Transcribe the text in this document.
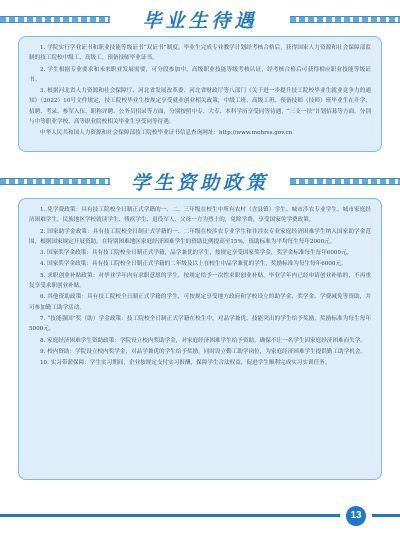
毕业生待遇

1. 学院实行学业证书和职业技能等级证书“双证书”制度，毕业生完成专业教学计划经考核合格后，获得国家人力资源和社会保障部监制的技工院校中级工、高级工、预备技师毕业证书。

2. 学生根据专业要求和未来职业发展需要，可分段参加中、高级职业技能等级考核认证，经考核合格后可获得相应职业技能等级证书。

3. 根据河北省人力资源和社会保障厅、河北省发展改革委、河北省财政厅等八部门《关于进一步提升技工院校毕业生就业竞争力的通知》（2022）10号文件规定，技工院校毕业生按规定享受就业创业相关政策，中级工班、高级工班、预备技师（技师）班毕业生在升学、招聘、考录、参军入伍、职称评聘、公务员招录等方面，分别按照中专、大专、本科学历享受同等待遇，“三支一扶”计划招募等方面，分别与中等职业学校、高等职业院校相关毕业生享受同等待遇。

中华人民共和国人力资源和社会保障部技工院校毕业证书信息查询网址：http://www.mohrss.gov.cn

学生资助政策

1. 免学费政策：具有技工院校全日制正式学籍的一、二、三年级在校生中所有农村（含县镇）学生、城市涉农专业学生、城市家庭经济困难学生，民族地区学校就读学生、残疾学生、退役军人、父母一方为烈士的，免除学费，享受国家免学费政策。

2. 国家助学金政策：具有技工院校全日制正式学籍的一、二年级在校涉农专业学生和非涉农专业家庭经济困难学生纳入国家助学金范围，根据国家规定开展资助，在特别困难地区家庭经济困难学生的资助比例提高至15%，资助标准为平均每生每年2000元。

3. 国家奖学金政策：具有技工院校全日制正式学籍，品学兼优的学生，按规定享受国家奖学金，奖学金标准每生每年6000元。

4. 国家奖学金政策：具有技工院校全日制正式学籍的二年级及以上在校生中品学兼优的学生，奖励标准为每生每年6000元。

5. 求职创业补贴政策：对毕业学年内有求职意愿的学生，按规定给予一次性求职创业补贴，毕业学年内已经申请创业补贴的，不再重复享受求职创业补贴。

6. 其他资助政策：具有技工院校全日制正式学籍的学生，可按规定享受地方政府和学校设立的助学金、奖学金、学费减免等资助，并可参加勤工助学活动。

7. “技能强国”奖（助）学金政策：技工院校全日制正式学籍在校生中，对品学兼优、技能突出的学生给予奖励，奖励标准为每生每年5000元。

8. 家庭经济困难学生资助政策：学院设立校内奖助学金，对家庭经济困难学生给予资助，确保不让一名学生因家庭经济困难而失学。

9. 校内资助：学院设立校内奖学金，对品学兼优的学生给予奖励，同时设立勤工助学岗位，为家庭经济困难学生提供勤工助学机会。

10. 实习带薪保障：学生实习期间，企业按规定支付实习报酬，保障学生合法权益，促进学生顺利完成实习实训任务。

13
